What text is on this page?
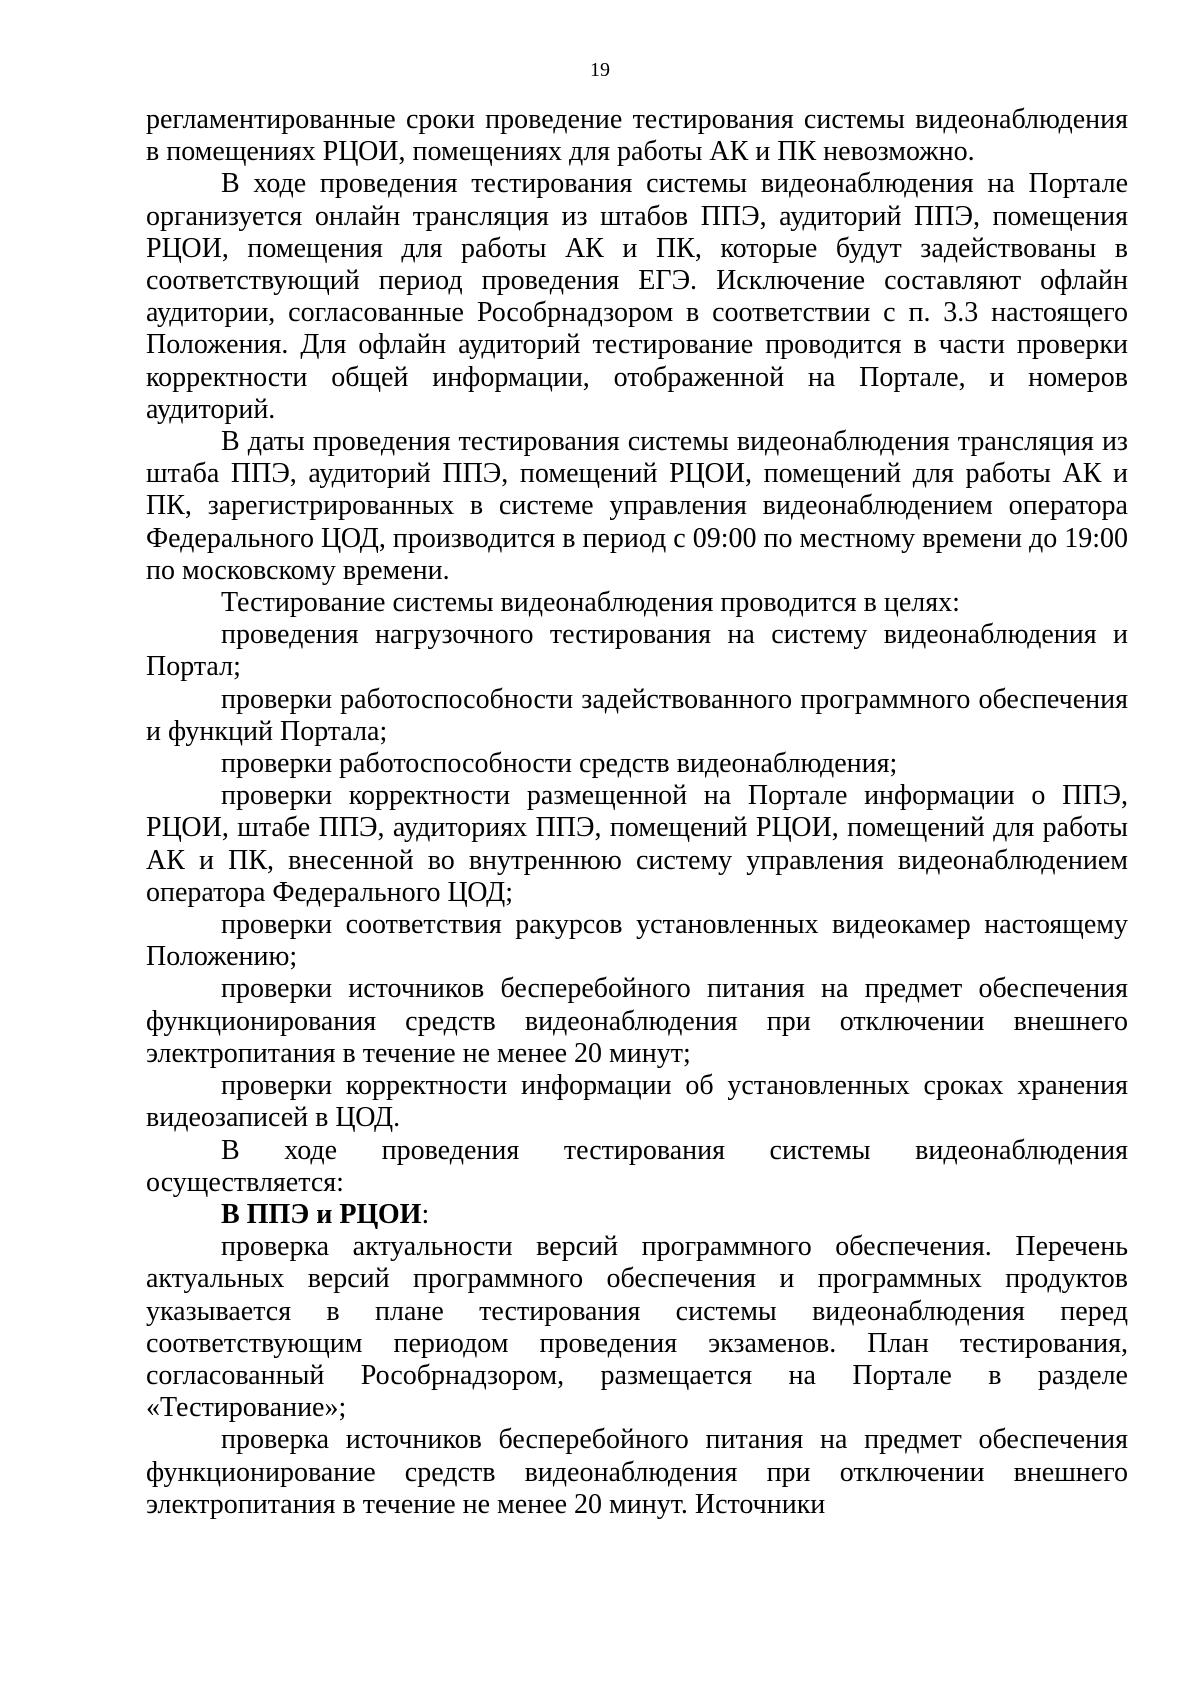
19

регламентированные сроки проведение тестирования системы видеонаблюдения в помещениях РЦОИ, помещениях для работы АК и ПК невозможно.

В ходе проведения тестирования системы видеонаблюдения на Портале организуется онлайн трансляция из штабов ППЭ, аудиторий ППЭ, помещения РЦОИ, помещения для работы АК и ПК, которые будут задействованы в соответствующий период проведения ЕГЭ. Исключение составляют офлайн аудитории, согласованные Рособрнадзором в соответствии с п. 3.3 настоящего Положения. Для офлайн аудиторий тестирование проводится в части проверки корректности общей информации, отображенной на Портале, и номеров аудиторий.

В даты проведения тестирования системы видеонаблюдения трансляция из штаба ППЭ, аудиторий ППЭ, помещений РЦОИ, помещений для работы АК и ПК, зарегистрированных в системе управления видеонаблюдением оператора Федерального ЦОД, производится в период с 09:00 по местному времени до 19:00 по московскому времени.

Тестирование системы видеонаблюдения проводится в целях:

проведения нагрузочного тестирования на систему видеонаблюдения и Портал;

проверки работоспособности задействованного программного обеспечения и функций Портала;

проверки работоспособности средств видеонаблюдения;

проверки корректности размещенной на Портале информации о ППЭ, РЦОИ, штабе ППЭ, аудиториях ППЭ, помещений РЦОИ, помещений для работы АК и ПК, внесенной во внутреннюю систему управления видеонаблюдением оператора Федерального ЦОД;

проверки соответствия ракурсов установленных видеокамер настоящему Положению;

проверки источников бесперебойного питания на предмет обеспечения функционирования средств видеонаблюдения при отключении внешнего электропитания в течение не менее 20 минут;

проверки корректности информации об установленных сроках хранения видеозаписей в ЦОД.

В ходе проведения тестирования системы видеонаблюдения осуществляется:

В ППЭ и РЦОИ:

проверка актуальности версий программного обеспечения. Перечень актуальных версий программного обеспечения и программных продуктов указывается в плане тестирования системы видеонаблюдения перед соответствующим периодом проведения экзаменов. План тестирования, согласованный Рособрнадзором, размещается на Портале в разделе «Тестирование»;

проверка источников бесперебойного питания на предмет обеспечения функционирование средств видеонаблюдения при отключении внешнего электропитания в течение не менее 20 минут. Источники
